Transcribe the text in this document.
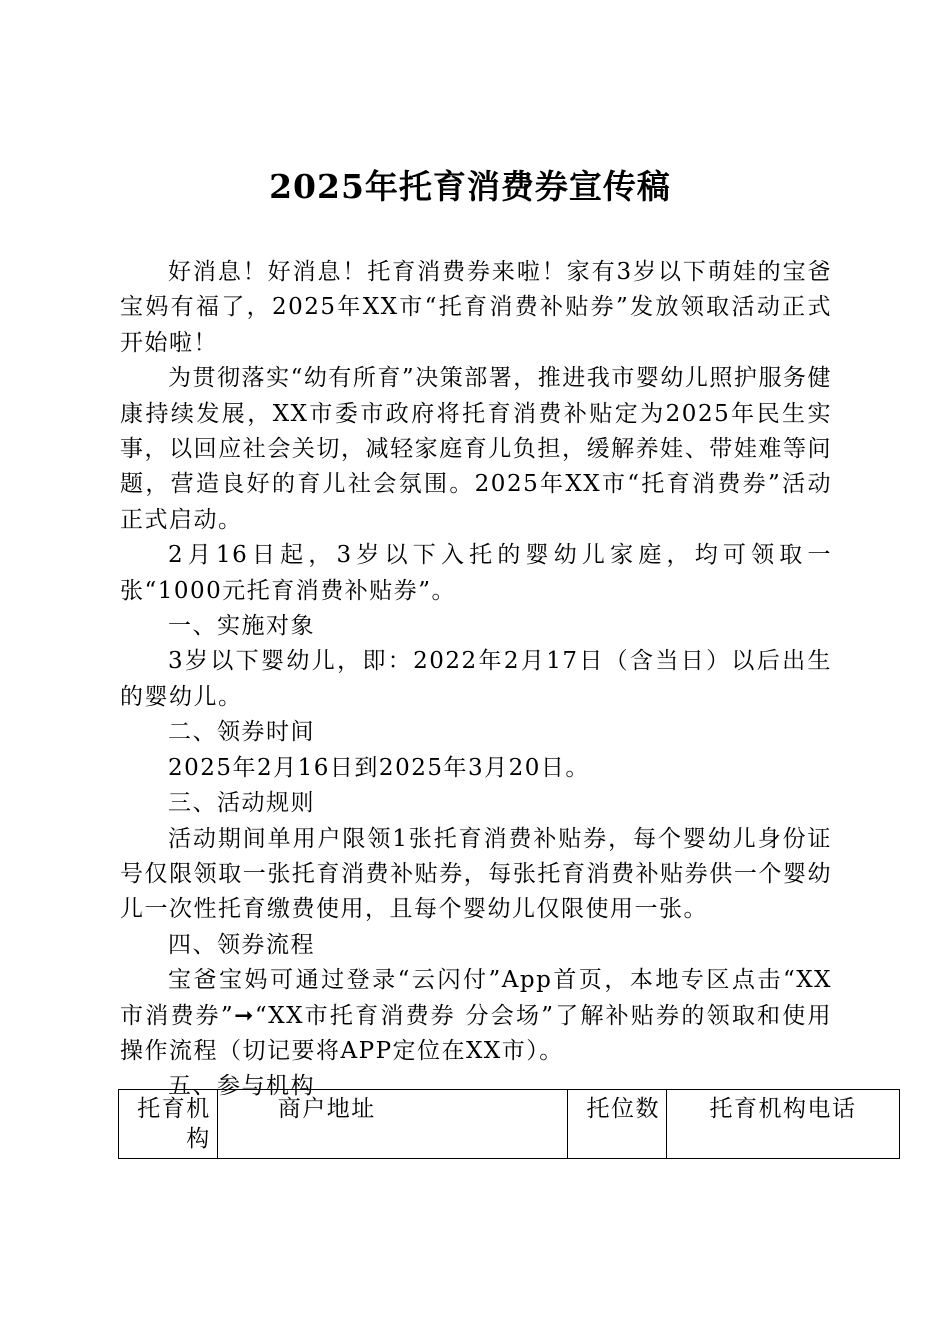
2025年托育消费券宣传稿

好消息！好消息！托育消费券来啦！家有3岁以下萌娃的宝爸宝妈有福了，2025年XX市“托育消费补贴券”发放领取活动正式开始啦！

为贯彻落实“幼有所育”决策部署，推进我市婴幼儿照护服务健康持续发展，XX市委市政府将托育消费补贴定为2025年民生实事，以回应社会关切，减轻家庭育儿负担，缓解养娃、带娃难等问题，营造良好的育儿社会氛围。2025年XX市“托育消费券”活动正式启动。

2月16日起，3岁以下入托的婴幼儿家庭，均可领取一张“1000元托育消费补贴券”。

一、实施对象

3岁以下婴幼儿，即：2022年2月17日（含当日）以后出生的婴幼儿。

二、领券时间

2025年2月16日到2025年3月20日。

三、活动规则

活动期间单用户限领1张托育消费补贴券，每个婴幼儿身份证号仅限领取一张托育消费补贴券，每张托育消费补贴券供一个婴幼儿一次性托育缴费使用，且每个婴幼儿仅限使用一张。

四、领券流程

宝爸宝妈可通过登录“云闪付”App首页，本地专区点击“XX市消费券”➞“XX市托育消费券 分会场”了解补贴券的领取和使用操作流程（切记要将APP定位在XX市）。

五、参与机构

托育机构	商户地址	托位数	托育机构电话
